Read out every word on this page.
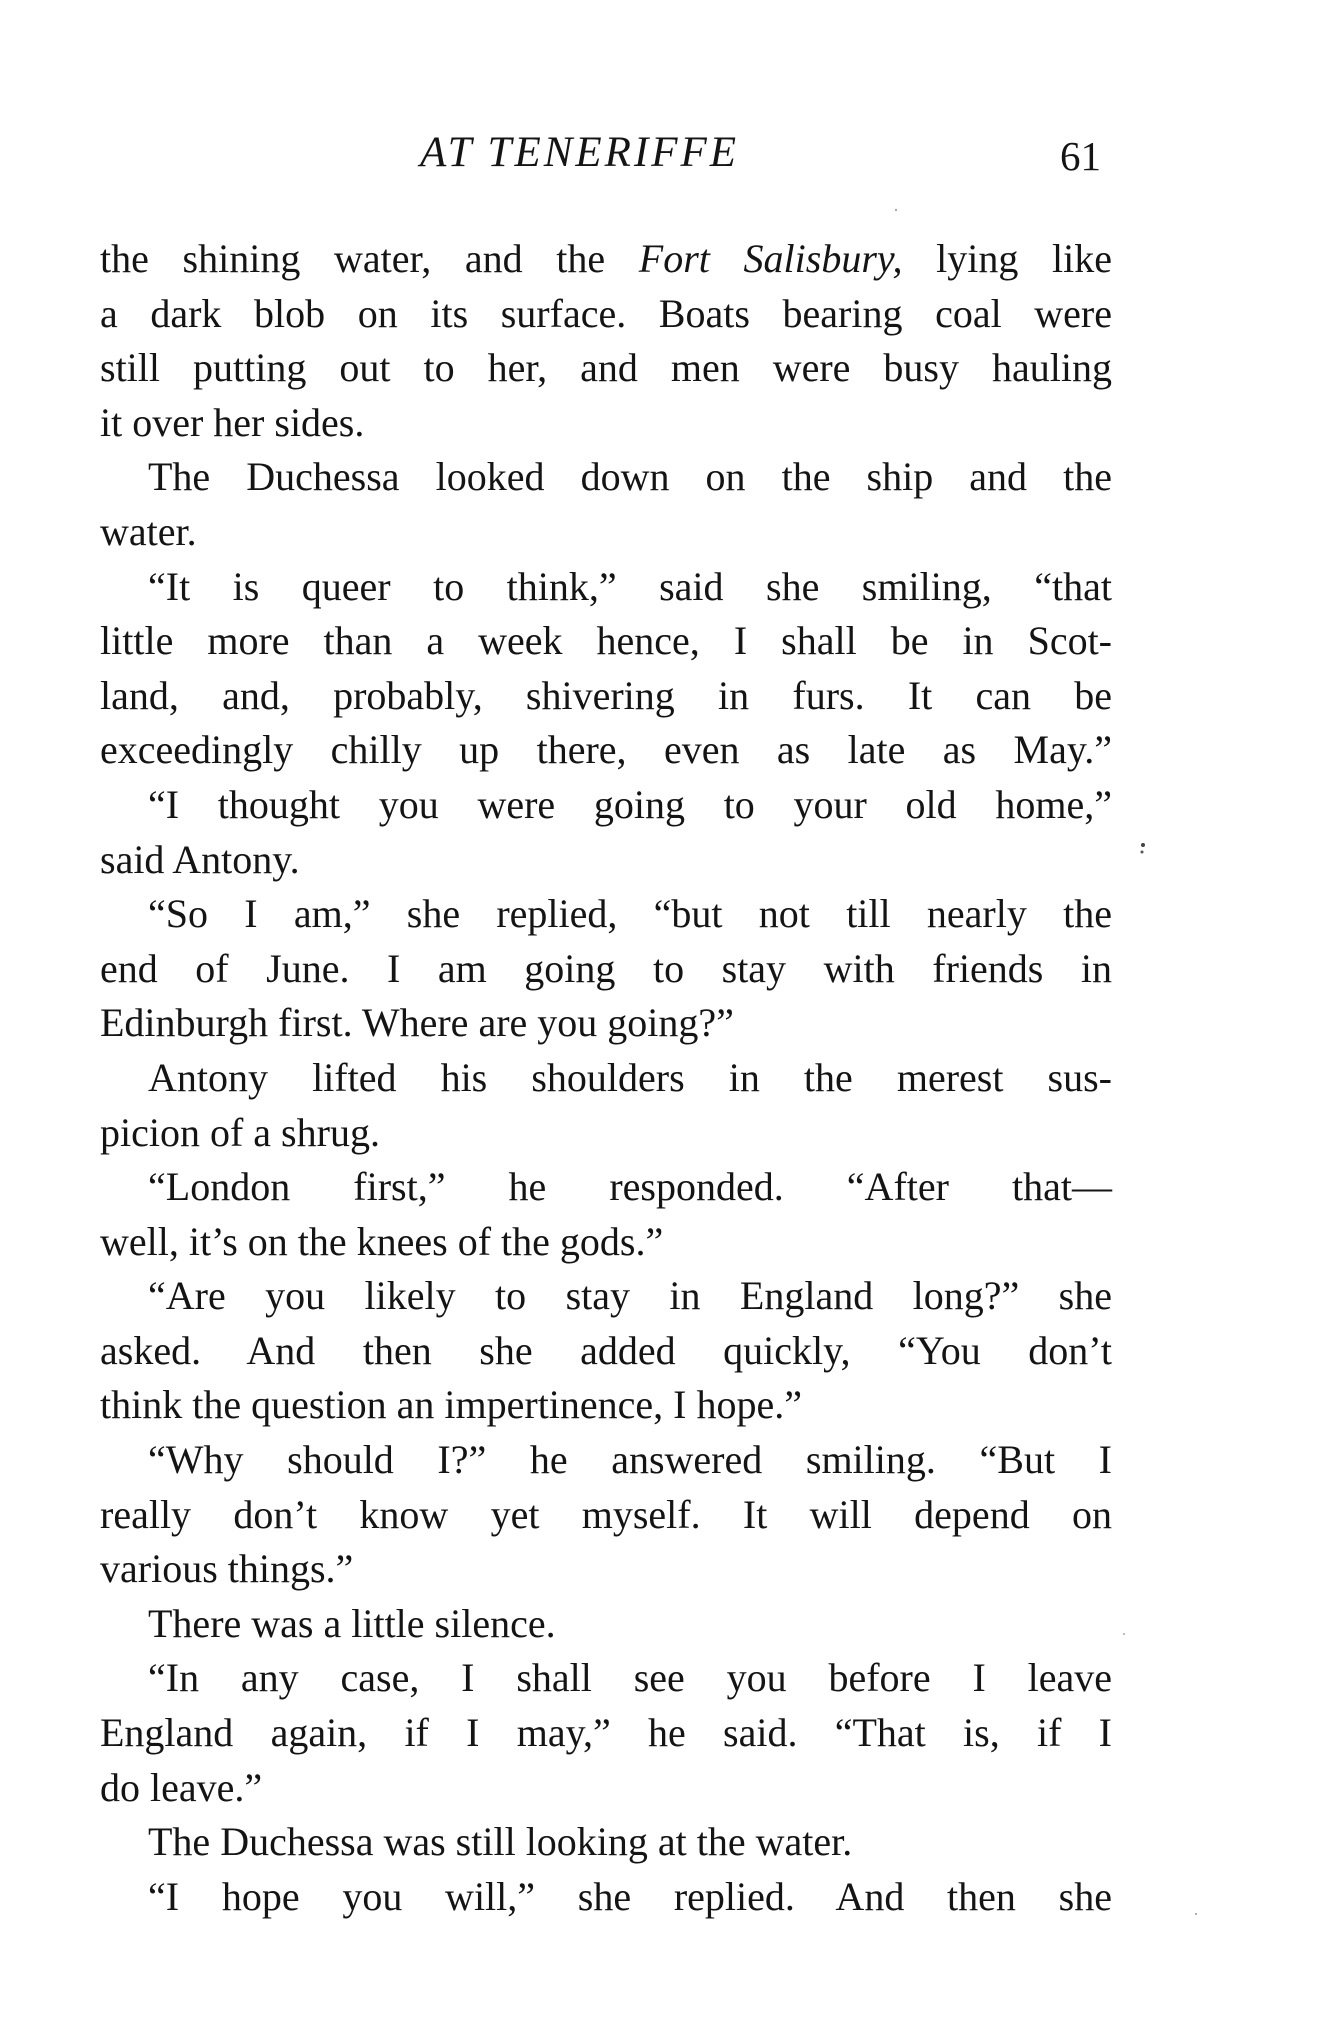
AT TENERIFFE	61
the shining water, and the Fort Salisbury, lying like
a dark blob on its surface. Boats bearing coal were
still putting out to her, and men were busy hauling
it over her sides.
The Duchessa looked down on the ship and the
water.
“It is queer to think,” said she smiling, “that
little more than a week hence, I shall be in Scot-
land, and, probably, shivering in furs. It can be
exceedingly chilly up there, even as late as May.”
“I thought you were going to your old home,”
said Antony.
“So I am,” she replied, “but not till nearly the
end of June. I am going to stay with friends in
Edinburgh first. Where are you going?”
Antony lifted his shoulders in the merest sus-
picion of a shrug.
“London first,” he responded. “After that—
well, it’s on the knees of the gods.”
“Are you likely to stay in England long?” she
asked. And then she added quickly, “You don’t
think the question an impertinence, I hope.”
“Why should I?” he answered smiling. “But I
really don’t know yet myself. It will depend on
various things.”
There was a little silence.
“In any case, I shall see you before I leave
England again, if I may,” he said. “That is, if I
do leave.”
The Duchessa was still looking at the water.
“I hope you will,” she replied. And then she
